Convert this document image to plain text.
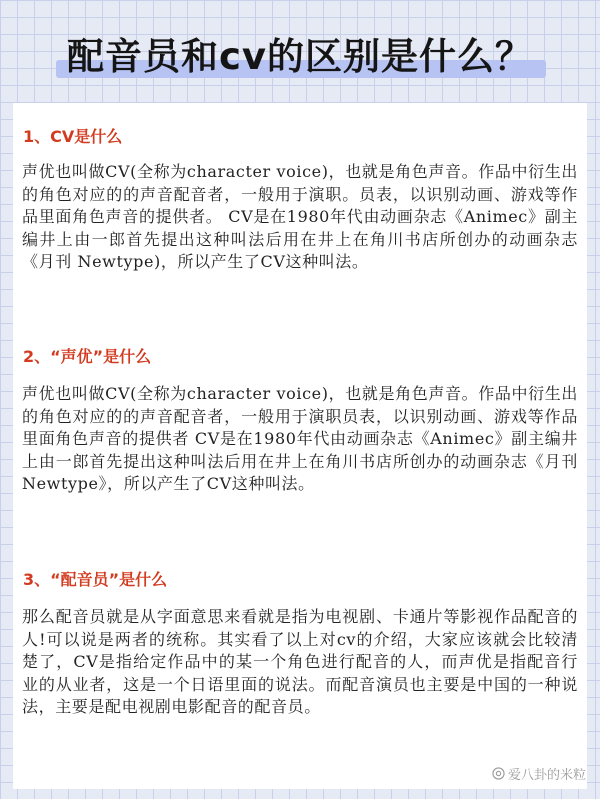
配音员和cv的区别是什么？
1、CV是什么
声优也叫做CV(全称为character voice)，也就是角色声音。作品中衍生出的角色对应的的声音配音者，一般用于演职。员表，以识别动画、游戏等作品里面角色声音的提供者。 CV是在1980年代由动画杂志《Animec》副主编井上由一郎首先提出这种叫法后用在井上在角川书店所创办的动画杂志《月刊 Newtype)，所以产生了CV这种叫法。
2、“声优”是什么
声优也叫做CV(全称为character voice)，也就是角色声音。作品中衍生出的角色对应的的声音配音者，一般用于演职员表，以识别动画、游戏等作品里面角色声音的提供者 CV是在1980年代由动画杂志《Animec》副主编井上由一郎首先提出这种叫法后用在井上在角川书店所创办的动画杂志《月刊 Newtype》，所以产生了CV这种叫法。
3、“配音员”是什么
那么配音员就是从字面意思来看就是指为电视剧、卡通片等影视作品配音的人!可以说是两者的统称。其实看了以上对cv的介绍，大家应该就会比较清楚了，CV是指给定作品中的某一个角色进行配音的人，而声优是指配音行业的从业者，这是一个日语里面的说法。而配音演员也主要是中国的一种说法，主要是配电视剧电影配音的配音员。
爱八卦的米粒
